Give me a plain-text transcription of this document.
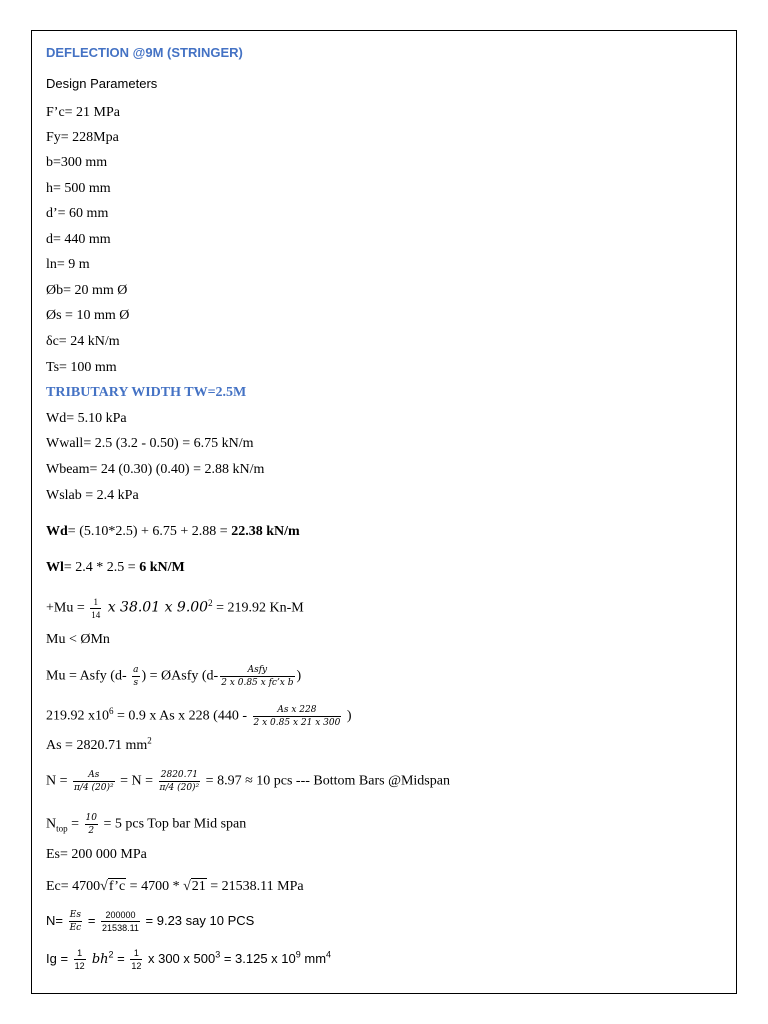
DEFLECTION @9M (STRINGER)
Design Parameters
F’c= 21 MPa
Fy= 228Mpa
b=300 mm
h= 500 mm
d’= 60 mm
d= 440 mm
ln= 9 m
Øb= 20 mm Ø
Øs = 10 mm Ø
δc= 24 kN/m
Ts= 100 mm
TRIBUTARY WIDTH TW=2.5M
Wd= 5.10 kPa
Wwall= 2.5 (3.2 - 0.50) = 6.75 kN/m
Wbeam= 24 (0.30) (0.40) = 2.88 kN/m
Wslab = 2.4 kPa
Wd= (5.10*2.5) + 6.75 + 2.88 = 22.38 kN/m
Wl= 2.4 * 2.5 = 6 kN/M
$+Mu = \frac{1}{14}$ x 38.01 x $9.00^2 = 219.92$ Kn-M
Mu < ØMn
Mu = Asfy ($d- \frac{a}{s}$ ) = ØAsfy ($d- \frac{\text{Asfy}}{\text{2 x 0.85 x fc’x b}}$ )
219.92 $x10^6 = 0.9$ x As x 228 ($440 - \frac{\text{As x 228}}{2 x 0.85 x 21 x 300}$ )
As = 2820.71 $mm^2$
$N = \frac{As}{\text{π/4 (20)²}} = N = \frac{2820.71}{\text{π/4 (20)²}} = 8.97 \approx 10$ pcs --- Bottom Bars @Midspan
$N_{top} = \frac{10}{2} = 5$ pcs Top bar Mid span
Es= 200 000 MPa
Ec= 4700√f’c = 4700 * √21 = 21538.11 MPa
$N= \frac{Es}{Ec} = \frac{200000}{21538.11} = 9.23$ say 10 PCS
$Ig = \frac{1}{12} bh^2 = \frac{1}{12}$ x 300 x $500^3 = 3.125$ x $10^9$ $mm^4$
